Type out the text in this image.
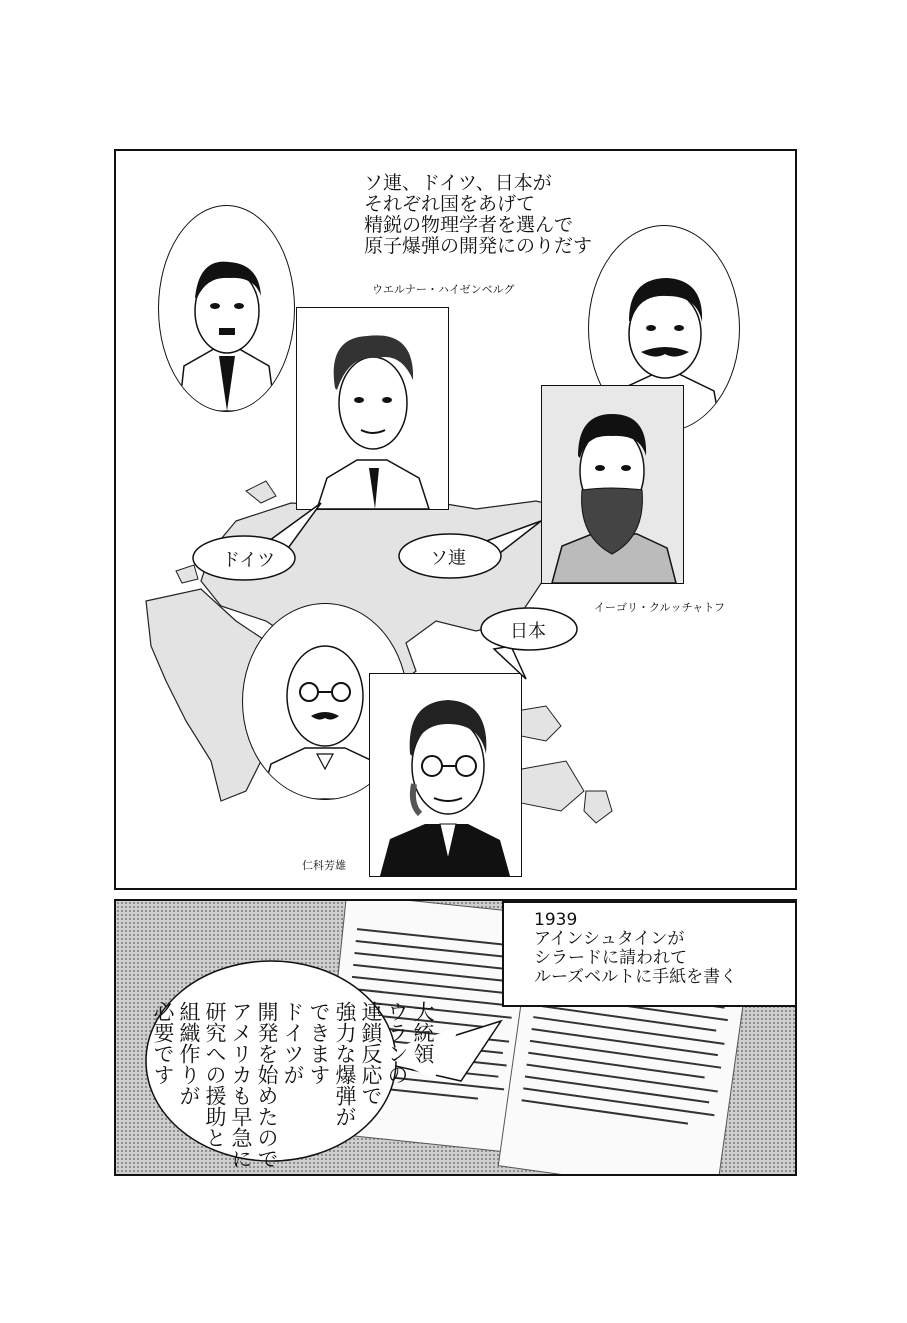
ソ連、ドイツ、日本が
それぞれ国をあげて
精鋭の物理学者を選んで
原子爆弾の開発にのりだす
ウエルナー・ハイゼンベルグ
イーゴリ・クルッチャトフ
仁科芳雄
ドイツ	ソ連
日本
1939
アインシュタインが
シラードに請われて
ルーズベルトに手紙を書く
大統領
ウランの
連鎖反応で
強力な爆弾が
できます
ドイツが
開発を始めたので
アメリカも早急に
研究への援助と
組織作りが
必要です
